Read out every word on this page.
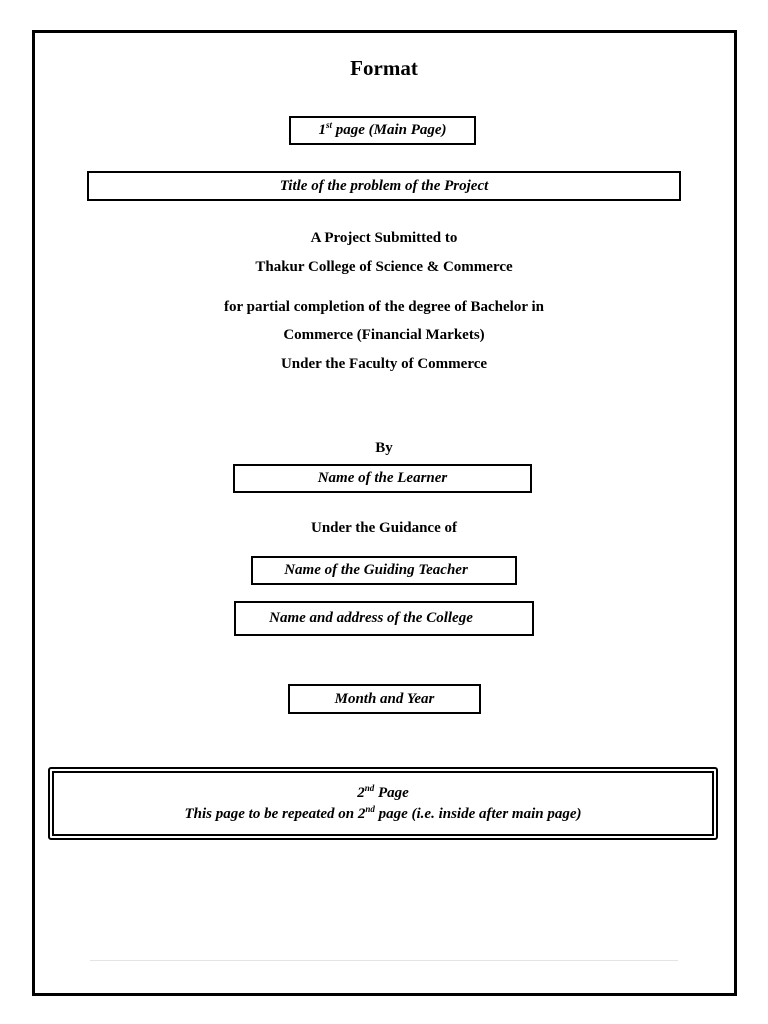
Format
1st page (Main Page)
Title of the problem of the Project
A Project Submitted to
Thakur College of Science & Commerce
for partial completion of the degree of Bachelor in
Commerce (Financial Markets)
Under the Faculty of Commerce
By
Name of the Learner
Under the Guidance of
Name of the Guiding Teacher
Name and address of the College
Month and Year
2nd Page
This page to be repeated on 2nd page (i.e. inside after main page)
